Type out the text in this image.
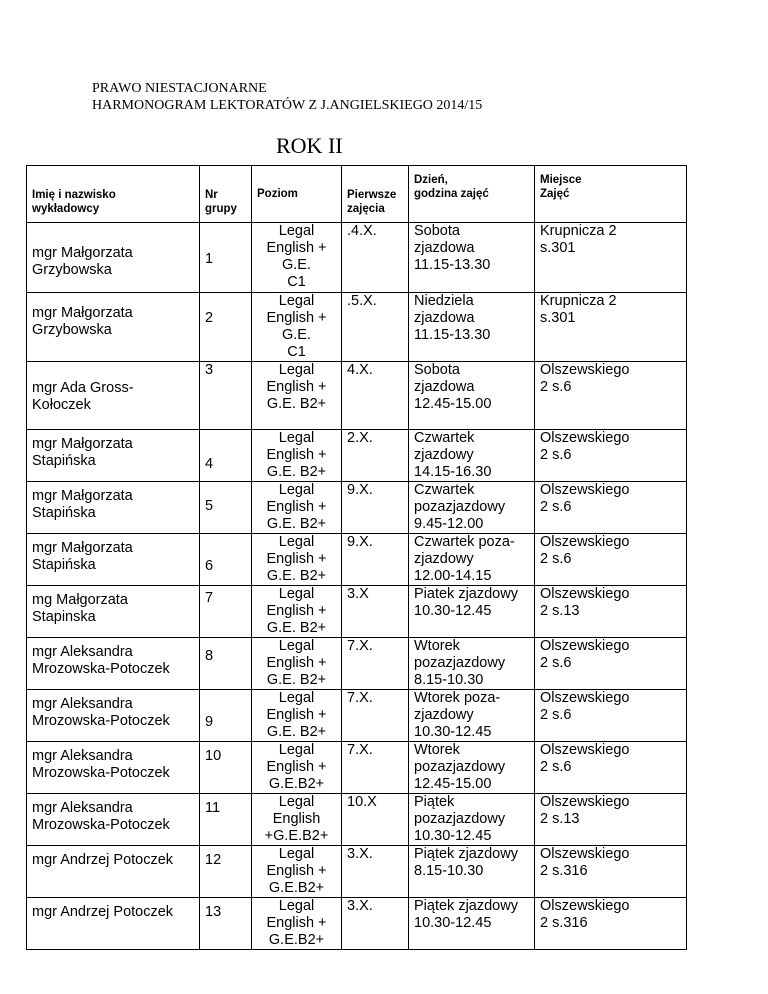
PRAWO NIESTACJONARNE
HARMONOGRAM LEKTORATÓW Z J.ANGIELSKIEGO 2014/15
ROK II
Imię i nazwisko
wykładowcy	Nr
grupy	Poziom	Pierwsze
zajęcia	Dzień,
godzina zajęć	Miejsce
Zajęć
mgr Małgorzata
Grzybowska	1	Legal
English +
G.E.
C1	.4.X.	Sobota
zjazdowa
11.15-13.30	Krupnicza 2
s.301
mgr Małgorzata
Grzybowska	2	Legal
English +
G.E.
C1	.5.X.	Niedziela
zjazdowa
11.15-13.30	Krupnicza 2
s.301
mgr Ada Gross-
Kołoczek	3	Legal
English +
G.E. B2+	4.X.	Sobota
zjazdowa
12.45-15.00	Olszewskiego
2 s.6
mgr Małgorzata
Stapińska	4	Legal
English +
G.E. B2+	2.X.	Czwartek
zjazdowy
14.15-16.30	Olszewskiego
2 s.6
mgr Małgorzata
Stapińska	5	Legal
English +
G.E. B2+	9.X.	Czwartek
pozazjazdowy
9.45-12.00	Olszewskiego
2 s.6
mgr Małgorzata
Stapińska	6	Legal
English +
G.E. B2+	9.X.	Czwartek poza-
zjazdowy
12.00-14.15	Olszewskiego
2 s.6
mg Małgorzata
Stapinska	7	Legal
English +
G.E. B2+	3.X	Piatek zjazdowy
10.30-12.45	Olszewskiego
2 s.13
mgr Aleksandra
Mrozowska-Potoczek	8	Legal
English +
G.E. B2+	7.X.	Wtorek
pozazjazdowy
8.15-10.30	Olszewskiego
2 s.6
mgr Aleksandra
Mrozowska-Potoczek	9	Legal
English +
G.E. B2+	7.X.	Wtorek poza-
zjazdowy
10.30-12.45	Olszewskiego
2 s.6
mgr Aleksandra
Mrozowska-Potoczek	10	Legal
English +
G.E.B2+	7.X.	Wtorek
pozazjazdowy
12.45-15.00	Olszewskiego
2 s.6
mgr Aleksandra
Mrozowska-Potoczek	11	Legal
English
+G.E.B2+	10.X	Piątek
pozazjazdowy
10.30-12.45	Olszewskiego
2 s.13
mgr Andrzej Potoczek	12	Legal
English +
G.E.B2+	3.X.	Piątek zjazdowy
8.15-10.30	Olszewskiego
2 s.316
mgr Andrzej Potoczek	13	Legal
English +
G.E.B2+	3.X.	Piątek zjazdowy
10.30-12.45	Olszewskiego
2 s.316
